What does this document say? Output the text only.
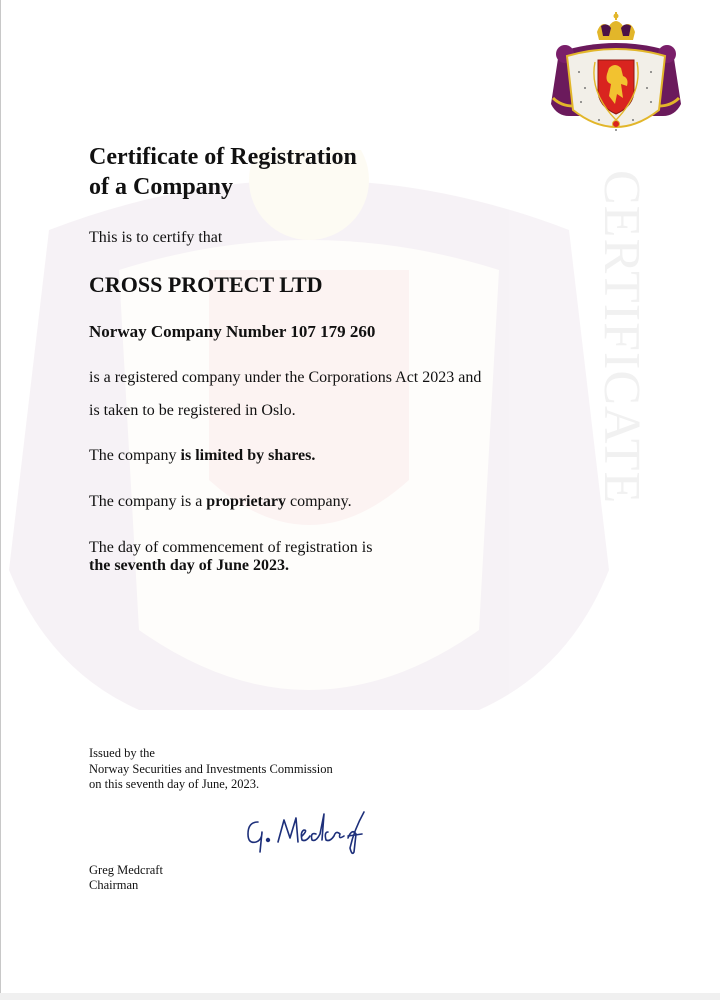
CERTIFICATE
Certificate of Registration
of a Company

This is to certify that

CROSS PROTECT LTD

Norway Company Number 107 179 260

is a registered company under the Corporations Act 2023 and

is taken to be registered in Oslo.

The company is limited by shares.

The company is a proprietary company.

The day of commencement of registration is

the seventh day of June 2023.

Issued by the

Norway Securities and Investments Commission

on this seventh day of June, 2023.

Greg Medcraft

Chairman
